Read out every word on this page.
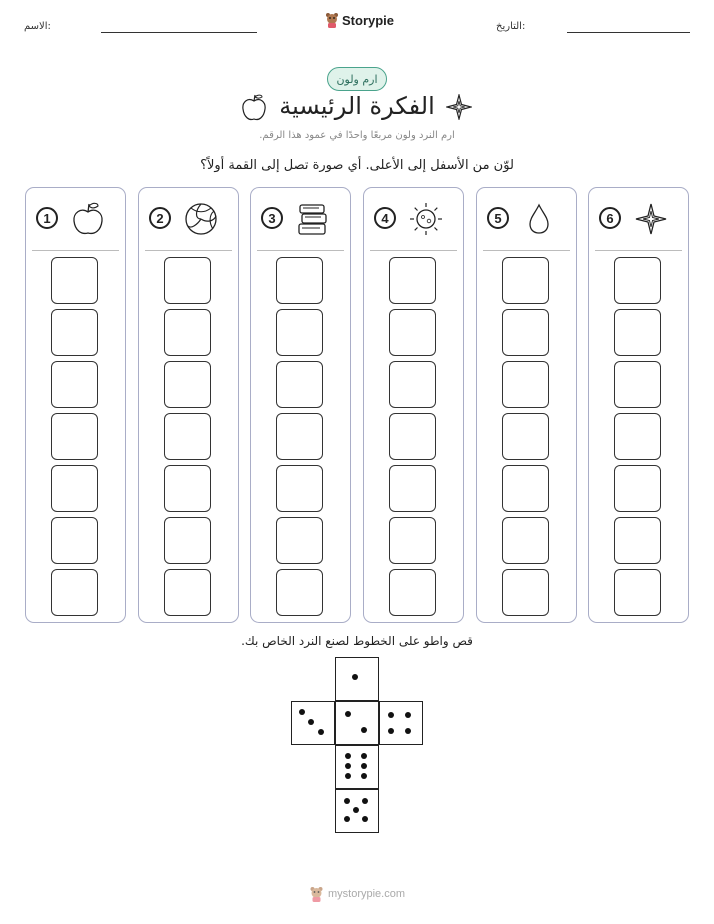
الاسم:	Storypie	التاريخ:
ارم ولون
الفكرة الرئيسية
ارم النرد ولون مربعًا واحدًا في عمود هذا الرقم.
لوّن من الأسفل إلى الأعلى. أي صورة تصل إلى القمة أولاً؟
1	2	3	4	5	6
قص واطو على الخطوط لصنع النرد الخاص بك.
mystorypie.com
